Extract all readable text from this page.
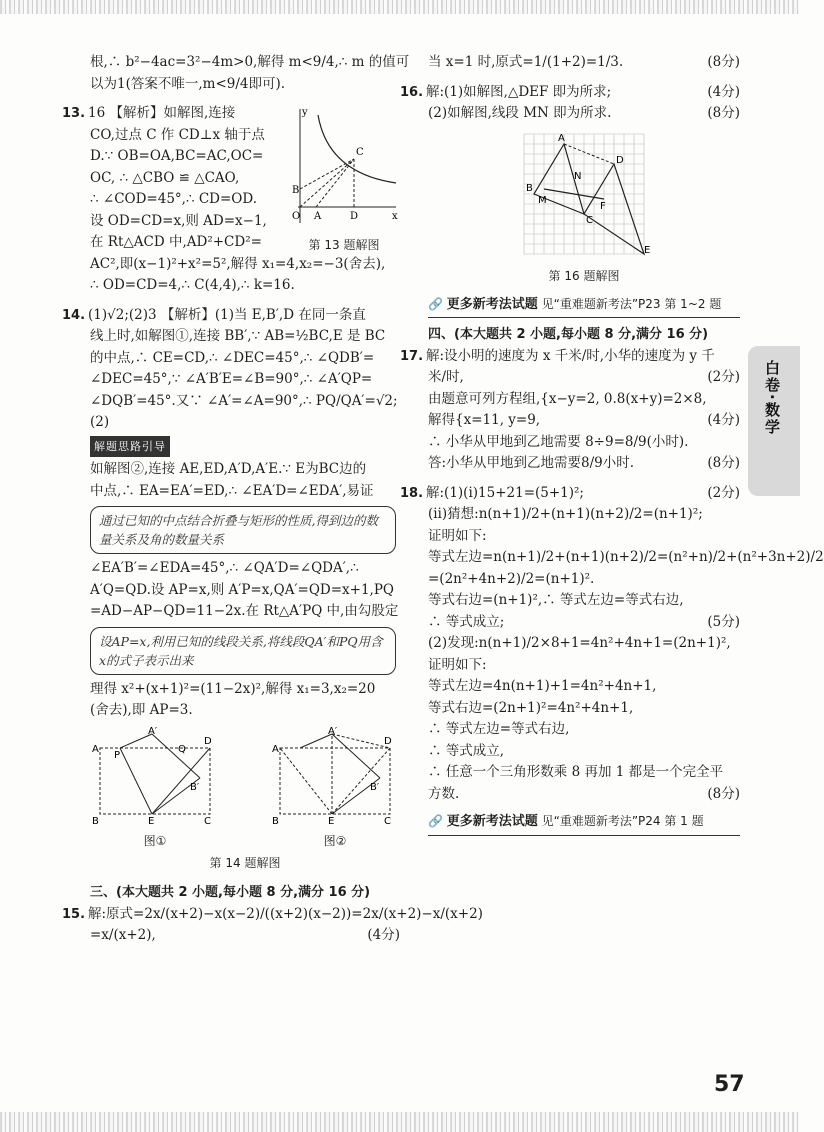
白卷·数学

根,∴ b²−4ac=3²−4m>0,解得 m<9/4,∴ m 的值可

以为1(答案不唯一,m<9/4即可).

O A	D
B
C
y
x
第 13 题解图

13. 16 【解析】如解图,连接

CO,过点 C 作 CD⊥x 轴于点

D.∵ OB=OA,BC=AC,OC=

OC, ∴ △CBO ≌ △CAO,

∴ ∠COD=45°,∴ CD=OD.

设 OD=CD=x,则 AD=x−1,

在 Rt△ACD 中,AD²+CD²=

AC²,即(x−1)²+x²=5²,解得 x₁=4,x₂=−3(舍去),

∴ OD=CD=4,∴ C(4,4),∴ k=16.

14. (1)√2;(2)3 【解析】(1)当 E,B′,D 在同一条直

线上时,如解图①,连接 BB′,∵ AB=½BC,E 是 BC

的中点,∴ CE=CD,∴ ∠DEC=45°,∴ ∠QDB′=

∠DEC=45°,∵ ∠A′B′E=∠B=90°,∴ ∠A′QP=

∠DQB′=45°.又∵ ∠A′=∠A=90°,∴ PQ/QA′=√2;

(2)

解题思路引导

如解图②,连接 AE,ED,A′D,A′E.∵ E为BC边的

中点,∴ EA=EA′=ED,∴ ∠EA′D=∠EDA′,易证

通过已知的中点结合折叠与矩形的性质,得到边的数量关系及角的数量关系

∠EA′B′=∠EDA=45°,∴ ∠QA′D=∠QDA′,∴

A′Q=QD.设 AP=x,则 A′P=x,QA′=QD=x+1,PQ

=AD−AP−QD=11−2x.在 Rt△A′PQ 中,由勾股定

设AP=x,利用已知的线段关系,将线段QA′和PQ用含x的式子表示出来

理得 x²+(x+1)²=(11−2x)²,解得 x₁=3,x₂=20

(舍去),即 AP=3.

A
P
A′
Q
D
B′
B	E	C
图①
A
A′
D
B′
B	E	C
图②
第 14 题解图

三、(本大题共 2 小题,每小题 8 分,满分 16 分)

15. 解:原式=2x/(x+2)−x(x−2)/((x+2)(x−2))=2x/(x+2)−x/(x+2)

=x/(x+2),	(4分)

当 x=1 时,原式=1/(1+2)=1/3.	(8分)

16. 解:(1)如解图,△DEF 即为所求;	(4分)

(2)如解图,线段 MN 即为所求.	(8分)

A
B
C
D
E
F
M
N
第 16 题解图
🔗 更多新考法试题 见“重难题新考法”P23 第 1~2 题

四、(本大题共 2 小题,每小题 8 分,满分 16 分)

17. 解:设小明的速度为 x 千米/时,小华的速度为 y 千

米/时,	(2分)

由题意可列方程组,{x−y=2, 0.8(x+y)=2×8,

解得{x=11, y=9,	(4分)

∴ 小华从甲地到乙地需要 8÷9=8/9(小时).

答:小华从甲地到乙地需要8/9小时.	(8分)

18. 解:(1)(ⅰ)15+21=(5+1)²;	(2分)

(ⅱ)猜想:n(n+1)/2+(n+1)(n+2)/2=(n+1)²;

证明如下:

等式左边=n(n+1)/2+(n+1)(n+2)/2=(n²+n)/2+(n²+3n+2)/2

=(2n²+4n+2)/2=(n+1)².

等式右边=(n+1)²,∴ 等式左边=等式右边,

∴ 等式成立;	(5分)

(2)发现:n(n+1)/2×8+1=4n²+4n+1=(2n+1)²,

证明如下:

等式左边=4n(n+1)+1=4n²+4n+1,

等式右边=(2n+1)²=4n²+4n+1,

∴ 等式左边=等式右边,

∴ 等式成立,

∴ 任意一个三角形数乘 8 再加 1 都是一个完全平

方数.	(8分)

🔗 更多新考法试题 见“重难题新考法”P24 第 1 题
57
